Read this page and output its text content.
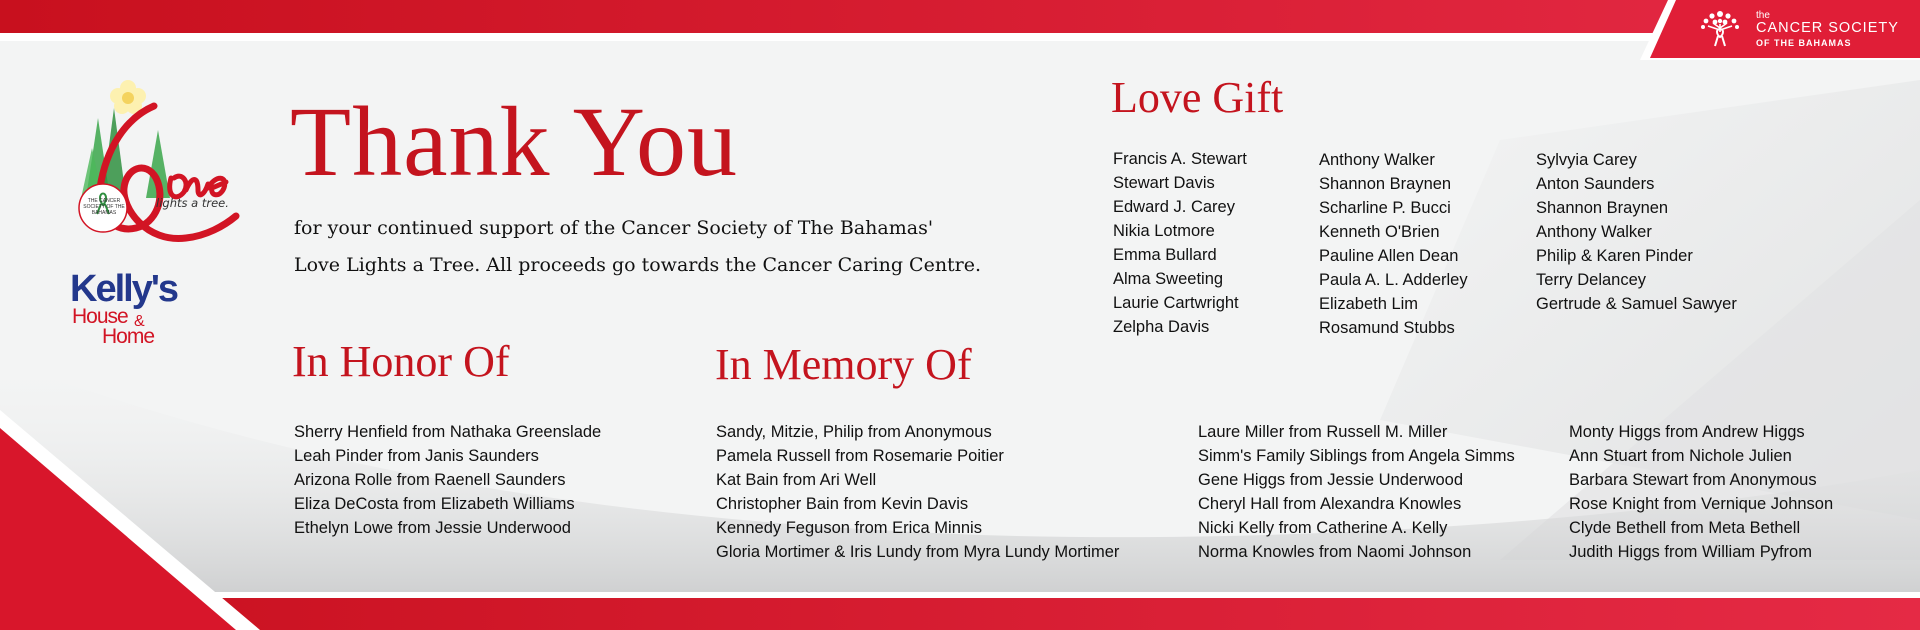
the
CANCER SOCIETY
OF THE BAHAMAS
THE CANCER SOCIETY OF THE BAHAMAS
lights a tree.
Kelly's
House &
Home
Thank You
for your continued support of the Cancer Society of The Bahamas'
Love Lights a Tree. All proceeds go towards the Cancer Caring Centre.
Love Gift
Francis A. Stewart
Stewart Davis
Edward J. Carey
Nikia Lotmore
Emma Bullard
Alma Sweeting
Laurie Cartwright
Zelpha Davis
Anthony Walker
Shannon Braynen
Scharline P. Bucci
Kenneth O'Brien
Pauline Allen Dean
Paula A. L. Adderley
Elizabeth Lim
Rosamund Stubbs
Sylvyia Carey
Anton Saunders
Shannon Braynen
Anthony Walker
Philip & Karen Pinder
Terry Delancey
Gertrude & Samuel Sawyer
In Honor Of
Sherry Henfield from Nathaka Greenslade
Leah Pinder from Janis Saunders
Arizona Rolle from Raenell Saunders
Eliza DeCosta from Elizabeth Williams
Ethelyn Lowe from Jessie Underwood
In Memory Of
Sandy, Mitzie, Philip from Anonymous
Pamela Russell from Rosemarie Poitier
Kat Bain from Ari Well
Christopher Bain from Kevin Davis
Kennedy Feguson from Erica Minnis
Gloria Mortimer & Iris Lundy from Myra Lundy Mortimer
Laure Miller from Russell M. Miller
Simm's Family Siblings from Angela Simms
Gene Higgs from Jessie Underwood
Cheryl Hall from Alexandra Knowles
Nicki Kelly from Catherine A. Kelly
Norma Knowles from Naomi Johnson
Monty Higgs from Andrew Higgs
Ann Stuart from Nichole Julien
Barbara Stewart from Anonymous
Rose Knight from Vernique Johnson
Clyde Bethell from Meta Bethell
Judith Higgs from William Pyfrom
